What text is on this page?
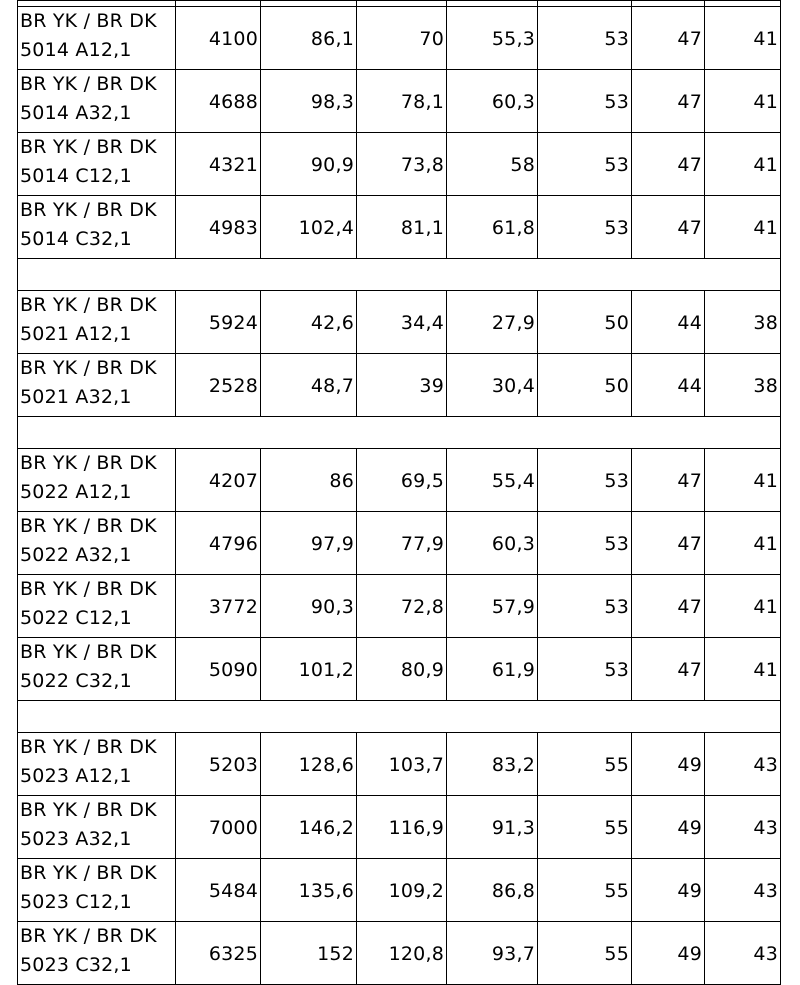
BR YK / BR DK
5014 A12,1	4100	86,1	70	55,3	53	47	41

BR YK / BR DK
5014 A32,1	4688	98,3	78,1	60,3	53	47	41

BR YK / BR DK
5014 C12,1	4321	90,9	73,8	58	53	47	41

BR YK / BR DK
5014 C32,1	4983	102,4	81,1	61,8	53	47	41

BR YK / BR DK
5021 A12,1	5924	42,6	34,4	27,9	50	44	38

BR YK / BR DK
5021 A32,1	2528	48,7	39	30,4	50	44	38

BR YK / BR DK
5022 A12,1	4207	86	69,5	55,4	53	47	41

BR YK / BR DK
5022 A32,1	4796	97,9	77,9	60,3	53	47	41

BR YK / BR DK
5022 C12,1	3772	90,3	72,8	57,9	53	47	41

BR YK / BR DK
5022 C32,1	5090	101,2	80,9	61,9	53	47	41

BR YK / BR DK
5023 A12,1	5203	128,6	103,7	83,2	55	49	43

BR YK / BR DK
5023 A32,1	7000	146,2	116,9	91,3	55	49	43

BR YK / BR DK
5023 C12,1	5484	135,6	109,2	86,8	55	49	43

BR YK / BR DK
5023 C32,1	6325	152	120,8	93,7	55	49	43
